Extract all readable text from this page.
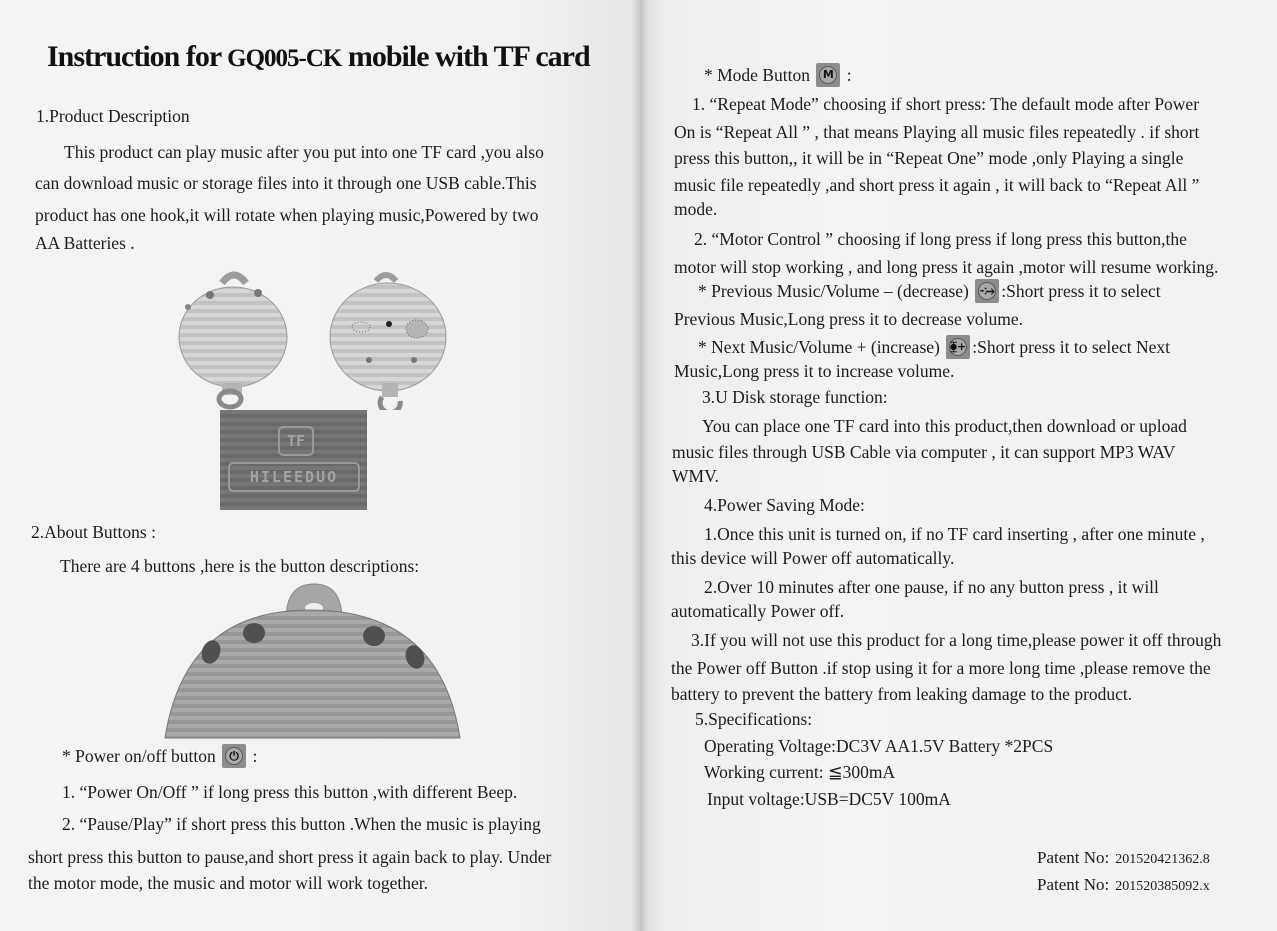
Instruction for GQ005-CK mobile with TF card
1.Product Description
This product can play music after you put into one TF card ,you also
can download music or storage files into it through one USB cable.This
product has one hook,it will rotate when playing music,Powered by two
AA Batteries .
TF
HILEEDUO
2.About Buttons :
There are 4 buttons ,here is the button descriptions:
* Power on/off button	⏻ :
1. “Power On/Off ” if long press this button ,with different Beep.
2. “Pause/Play” if short press this button .When the music is playing
short press this button to pause,and short press it again back to play. Under
the motor mode, the music and motor will work together.
* Mode Button	M :
1. “Repeat Mode” choosing if short press: The default mode after Power
On is “Repeat All ” , that means Playing all music files repeatedly . if short
press this button,, it will be in “Repeat One” mode ,only Playing a single
music file repeatedly ,and short press it again , it will back to “Repeat All ”
mode.
2. “Motor Control ” choosing if long press if long press this button,the
motor will stop working , and long press it again ,motor will resume working.
* Previous Music/Volume – (decrease) -⧴ :Short press it to select
Previous Music,Long press it to decrease volume.
* Next Music/Volume + (increase) ⧳+ :Short press it to select Next
Music,Long press it to increase volume.
3.U Disk storage function:
You can place one TF card into this product,then download or upload
music files through USB Cable via computer , it can support MP3 WAV
WMV.
4.Power Saving Mode:
1.Once this unit is turned on, if no TF card inserting , after one minute ,
this device will Power off automatically.
2.Over 10 minutes after one pause, if no any button press , it will
automatically Power off.
3.If you will not use this product for a long time,please power it off through
the Power off Button .if stop using it for a more long time ,please remove the
battery to prevent the battery from leaking damage to the product.
5.Specifications:
Operating Voltage:DC3V AA1.5V Battery *2PCS
Working current: ≦300mA
Input voltage:USB=DC5V 100mA
Patent No: 201520421362.8
Patent No: 201520385092.x
